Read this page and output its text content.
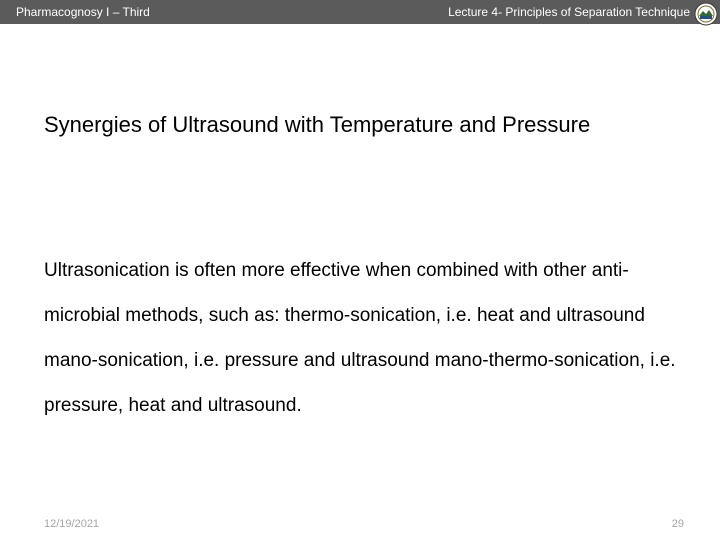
Pharmacognosy I – Third	Lecture 4- Principles of Separation Technique
Synergies of Ultrasound with Temperature and Pressure

Ultrasonication is often more effective when combined with other anti-microbial methods, such as: thermo-sonication, i.e. heat and ultrasound mano-sonication, i.e. pressure and ultrasound mano-thermo-sonication, i.e. pressure, heat and ultrasound.

12/19/2021	29
